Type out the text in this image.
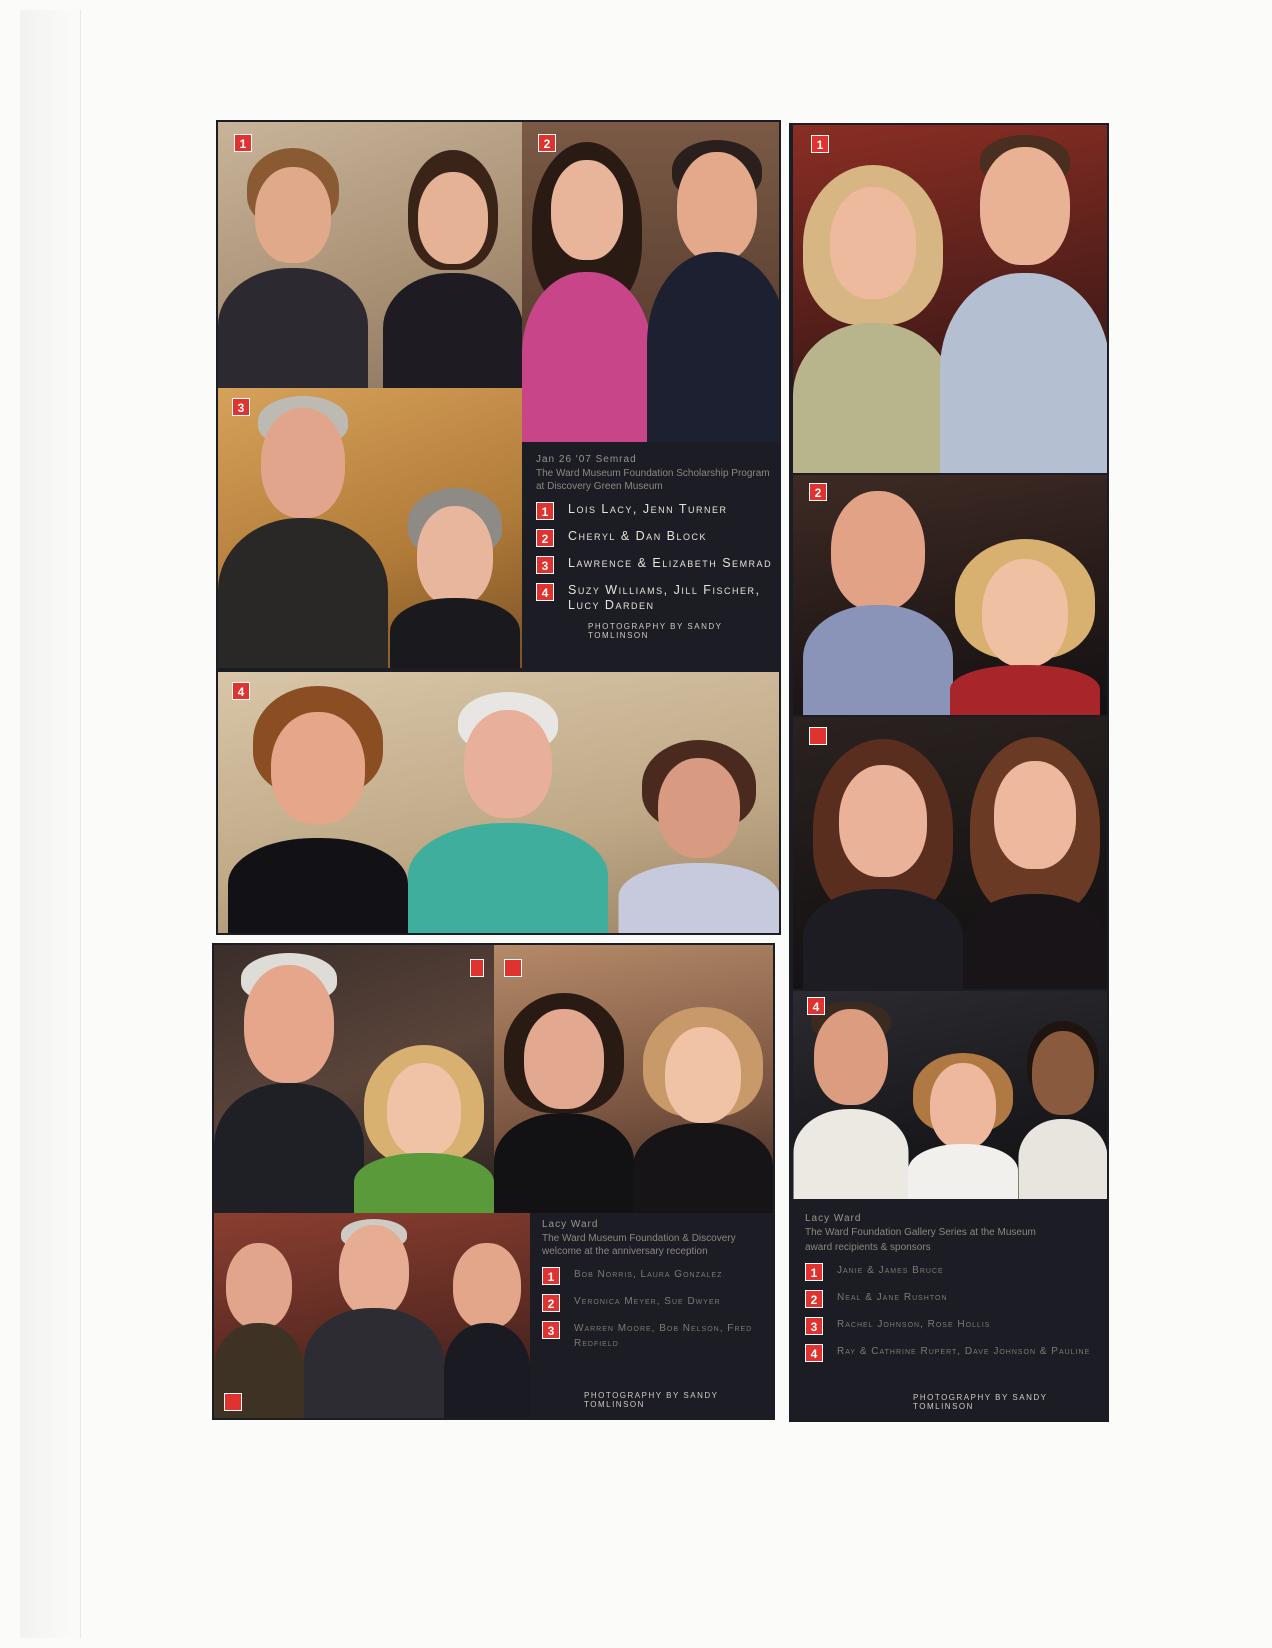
1	2
3
Jan 26 '07 Semrad
The Ward Museum Foundation Scholarship Program at Discovery Green Museum
1	Lois Lacy, Jenn Turner
2	Cheryl & Dan Block
3	Lawrence & Elizabeth Semrad
4	Suzy Williams, Jill Fischer, Lucy Darden
PHOTOGRAPHY BY SANDY TOMLINSON
4
Lacy Ward
The Ward Museum Foundation & Discovery welcome at the anniversary reception
1	Bob Norris, Laura Gonzalez
2	Veronica Meyer, Sue Dwyer
3	Warren Moore, Bob Nelson, Fred Redfield
PHOTOGRAPHY BY SANDY TOMLINSON
1
2
4
Lacy Ward
The Ward Foundation Gallery Series at the Museum
award recipients & sponsors
1	Janie & James Bruce
2	Neal & Jane Rushton
3	Rachel Johnson, Rose Hollis
4	Ray & Cathrine Rupert, Dave Johnson & Pauline
PHOTOGRAPHY BY SANDY TOMLINSON
